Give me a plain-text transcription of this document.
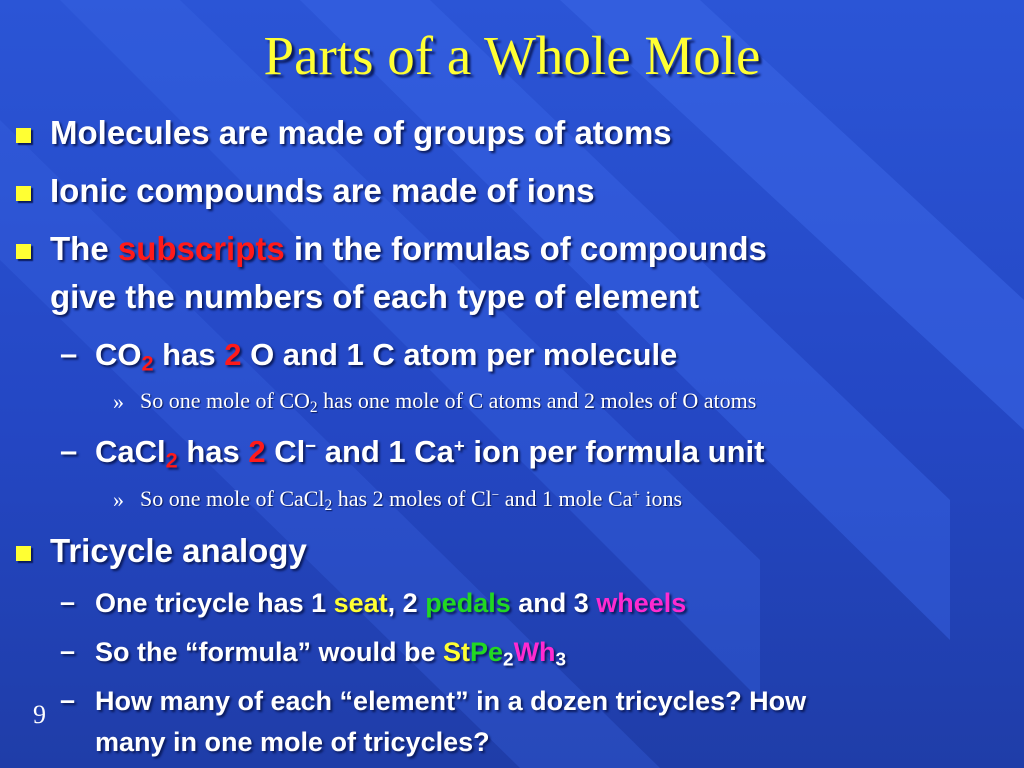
Parts of a Whole Mole
Molecules are made of groups of atoms
Ionic compounds are made of ions
The subscripts in the formulas of compounds
give the numbers of each type of element
– $CO_2$ has 2 O and 1 C atom per molecule
» So one mole of $CO_2$ has one mole of C atoms and 2 moles of O atoms
– CaCl$_2$ has 2 Cl− and 1 Ca+ ion per formula unit
» So one mole of CaCl$_2$ has 2 moles of Cl− and 1 mole Ca+ ions
Tricycle analogy
– One tricycle has 1 seat, 2 pedals and 3 wheels
– So the “formula” would be $StPe_2Wh_3$
– How many of each “element” in a dozen tricycles? How
many in one mole of tricycles?
9
